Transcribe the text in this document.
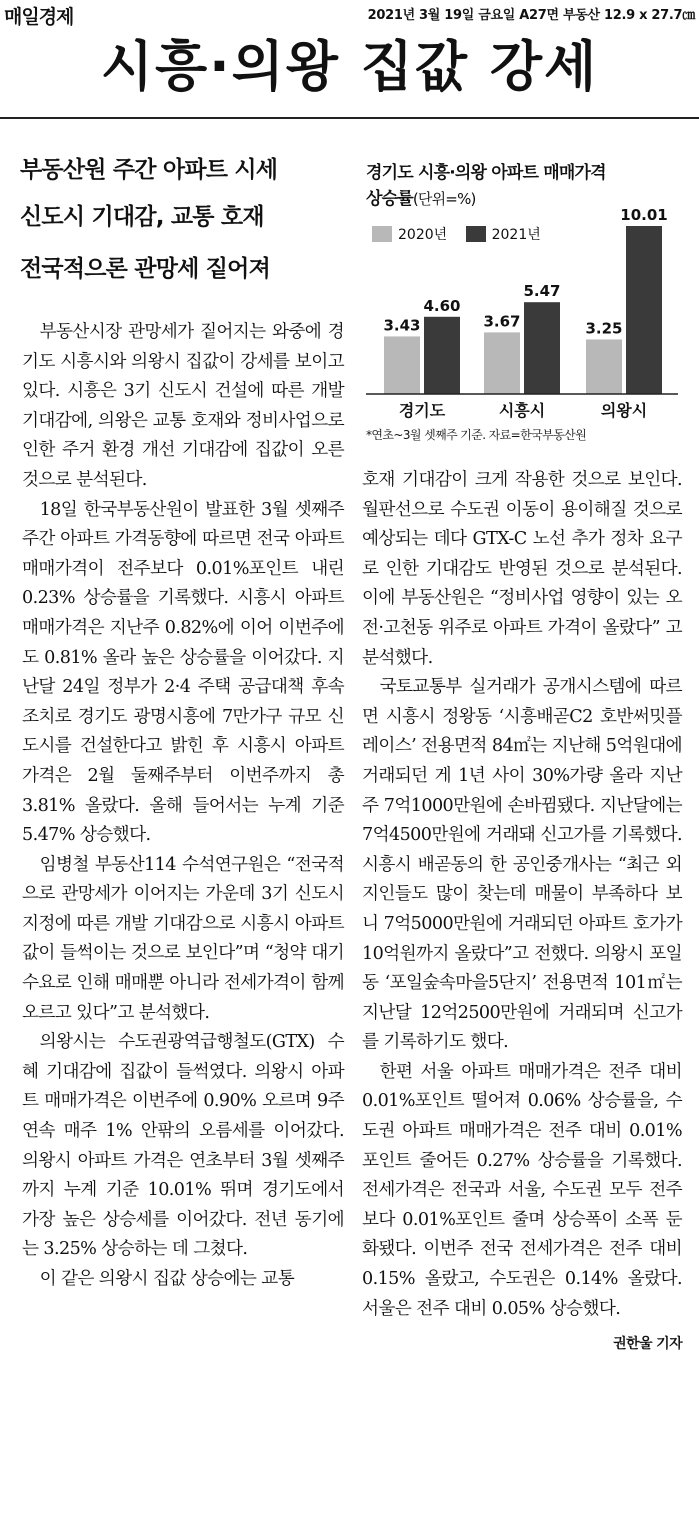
매일경제	2021년 3월 19일 금요일 A27면 부동산 12.9 x 27.7㎝
시흥·의왕 집값 강세
부동산원 주간 아파트 시세
신도시 기대감, 교통 호재
전국적으론 관망세 짙어져

부동산시장 관망세가 짙어지는 와중에 경기도 시흥시와 의왕시 집값이 강세를 보이고 있다. 시흥은 3기 신도시 건설에 따른 개발 기대감에, 의왕은 교통 호재와 정비사업으로 인한 주거 환경 개선 기대감에 집값이 오른 것으로 분석된다.

18일 한국부동산원이 발표한 3월 셋째주 주간 아파트 가격동향에 따르면 전국 아파트 매매가격이 전주보다 0.01%포인트 내린 0.23% 상승률을 기록했다. 시흥시 아파트 매매가격은 지난주 0.82%에 이어 이번주에도 0.81% 올라 높은 상승률을 이어갔다. 지난달 24일 정부가 2·4 주택 공급대책 후속 조치로 경기도 광명시흥에 7만가구 규모 신도시를 건설한다고 밝힌 후 시흥시 아파트 가격은 2월 둘째주부터 이번주까지 총 3.81% 올랐다. 올해 들어서는 누계 기준 5.47% 상승했다.

임병철 부동산114 수석연구원은 “전국적으로 관망세가 이어지는 가운데 3기 신도시 지정에 따른 개발 기대감으로 시흥시 아파트값이 들썩이는 것으로 보인다”며 “청약 대기 수요로 인해 매매뿐 아니라 전세가격이 함께 오르고 있다”고 분석했다.

의왕시는 수도권광역급행철도(GTX) 수혜 기대감에 집값이 들썩였다. 의왕시 아파트 매매가격은 이번주에 0.90% 오르며 9주 연속 매주 1% 안팎의 오름세를 이어갔다. 의왕시 아파트 가격은 연초부터 3월 셋째주까지 누계 기준 10.01% 뛰며 경기도에서 가장 높은 상승세를 이어갔다. 전년 동기에는 3.25% 상승하는 데 그쳤다.

이 같은 의왕시 집값 상승에는 교통

경기도 시흥·의왕 아파트 매매가격
상승률(단위=%)
2020년
	2021년
3.43
4.60
경기도
3.67
5.47
시흥시
3.25
10.01
의왕시
*연초~3월 셋째주 기준. 자료=한국부동산원

호재 기대감이 크게 작용한 것으로 보인다. 월판선으로 수도권 이동이 용이해질 것으로 예상되는 데다 GTX-C 노선 추가 정차 요구로 인한 기대감도 반영된 것으로 분석된다. 이에 부동산원은 “정비사업 영향이 있는 오전·고천동 위주로 아파트 가격이 올랐다” 고 분석했다.

국토교통부 실거래가 공개시스템에 따르면 시흥시 정왕동 ‘시흥배곧C2 호반써밋플레이스’ 전용면적 84㎡는 지난해 5억원대에 거래되던 게 1년 사이 30%가량 올라 지난주 7억1000만원에 손바뀜됐다. 지난달에는 7억4500만원에 거래돼 신고가를 기록했다. 시흥시 배곧동의 한 공인중개사는 “최근 외지인들도 많이 찾는데 매물이 부족하다 보니 7억5000만원에 거래되던 아파트 호가가 10억원까지 올랐다”고 전했다. 의왕시 포일동 ‘포일숲속마을5단지’ 전용면적 101㎡는 지난달 12억2500만원에 거래되며 신고가를 기록하기도 했다.

한편 서울 아파트 매매가격은 전주 대비 0.01%포인트 떨어져 0.06% 상승률을, 수도권 아파트 매매가격은 전주 대비 0.01%포인트 줄어든 0.27% 상승률을 기록했다. 전세가격은 전국과 서울, 수도권 모두 전주보다 0.01%포인트 줄며 상승폭이 소폭 둔화됐다. 이번주 전국 전세가격은 전주 대비 0.15% 올랐고, 수도권은 0.14% 올랐다. 서울은 전주 대비 0.05% 상승했다.

권한울 기자
